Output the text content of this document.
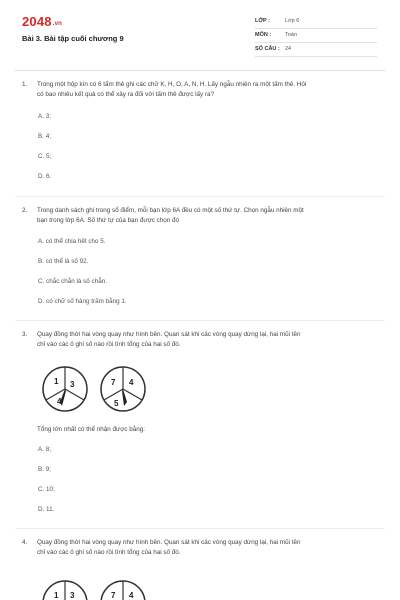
2048.vn
Bài 3. Bài tập cuối chương 9
LỚP :	Lớp 6
MÔN :	Toán
SỐ CÂU : 24
1. Trong một hộp kín có 6 tấm thẻ ghi các chữ K, H, O, A, N, H. Lấy ngẫu nhiên ra một tấm thẻ. Hỏi
có bao nhiêu kết quả có thể xảy ra đối với tấm thẻ được lấy ra?
A. 3;
B. 4;
C. 5;
D. 6.
2. Trong danh sách ghi trong sổ điểm, mỗi bạn lớp 6A đều có một số thứ tự. Chọn ngẫu nhiên một
bạn trong lớp 6A. Số thứ tự của bạn được chọn đó
A. có thể chia hết cho 5.
B. có thể là số 92.
C. chắc chắn là số chẵn.
D. có chữ số hàng trăm bằng 1.
3. Quay đồng thời hai vòng quay như hình bên. Quan sát khi các vòng quay dừng lại, hai mũi tên
chỉ vào các ô ghi số nào rồi tính tổng của hai số đó.
1 3
4
7 4
5
Tổng lớn nhất có thể nhận được bằng:
A. 8;
B. 9;
C. 10;
D. 11.
4. Quay đồng thời hai vòng quay như hình bên. Quan sát khi các vòng quay dừng lại, hai mũi tên
chỉ vào các ô ghi số nào rồi tính tổng của hai số đó.
1 3	7 4
